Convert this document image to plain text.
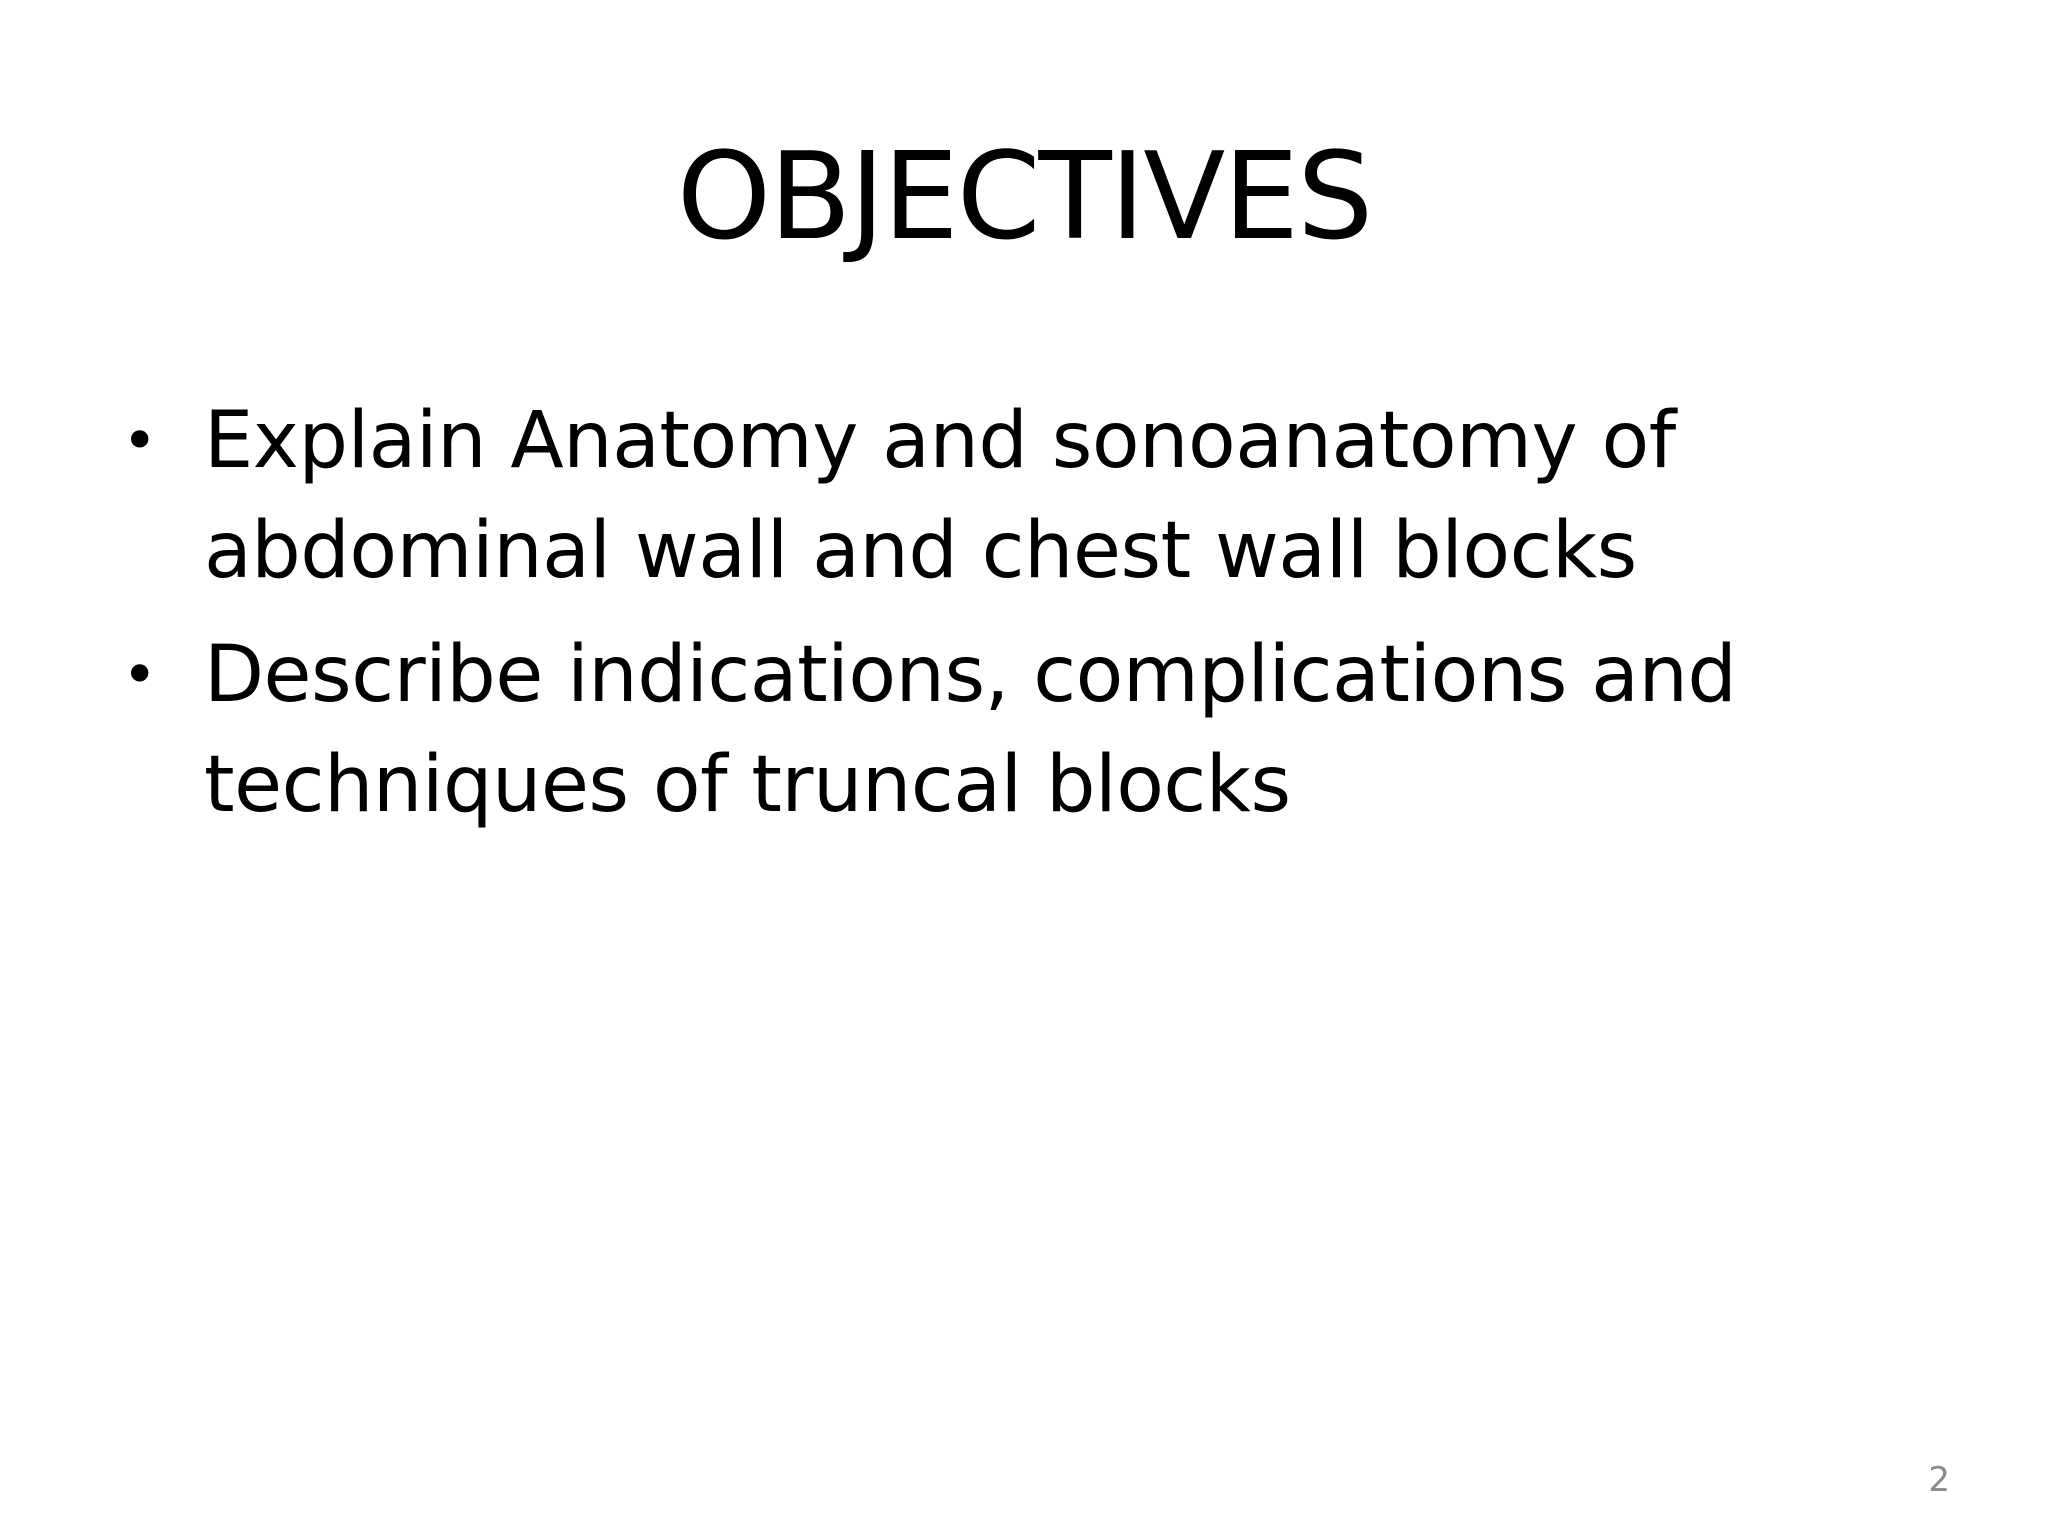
OBJECTIVES
• Explain Anatomy and sonoanatomy of abdominal wall and chest wall blocks
• Describe indications, complications and techniques of truncal blocks
2
